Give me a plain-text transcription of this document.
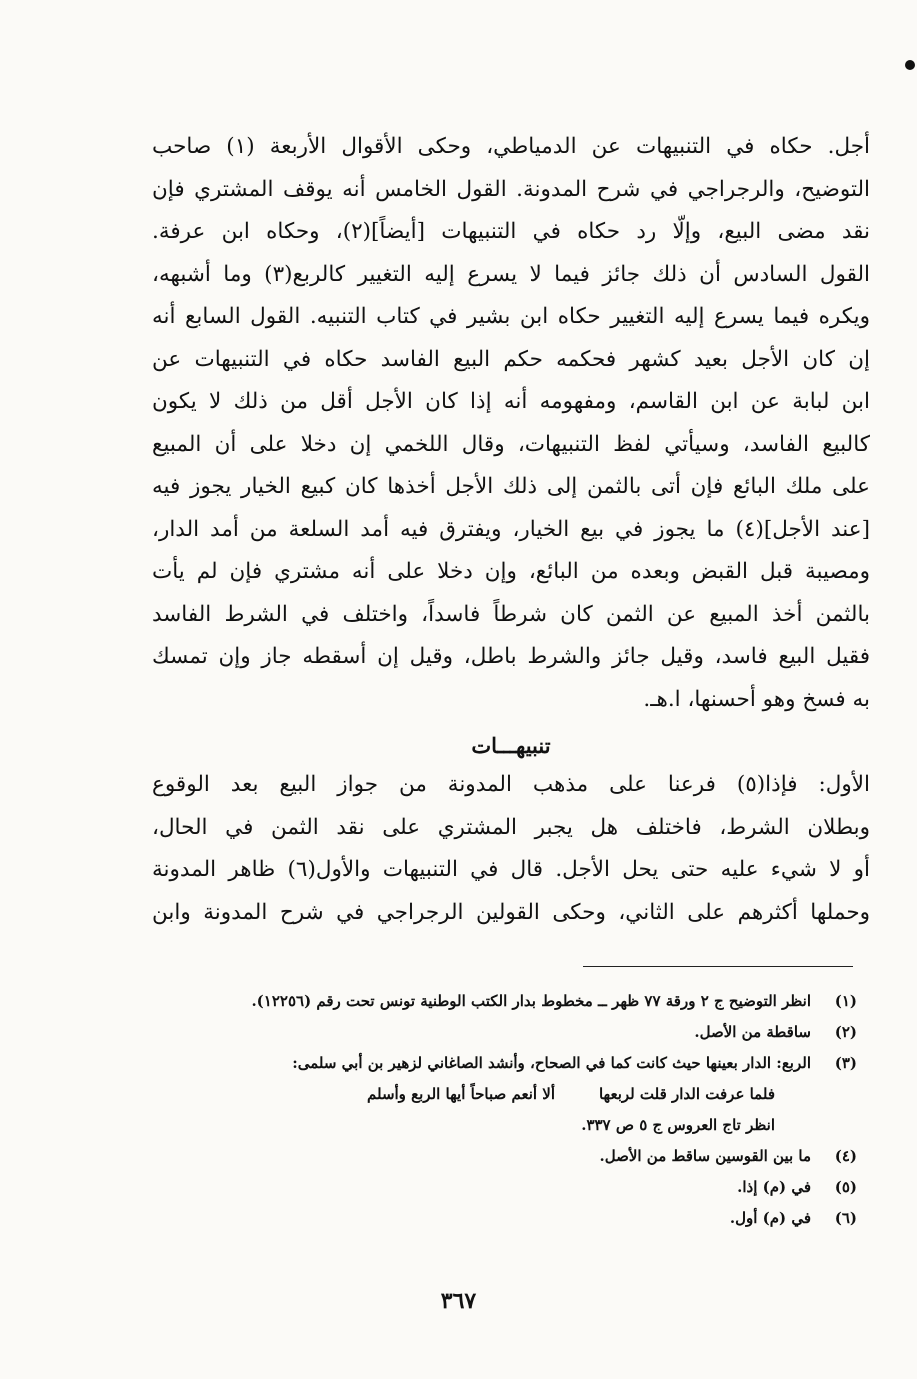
أجل. حكاه في التنبيهات عن الدمياطي، وحكى الأقوال الأربعة (١) صاحب
التوضيح، والرجراجي في شرح المدونة. القول الخامس أنه يوقف المشتري فإن
نقد مضى البيع، وإلّا رد حكاه في التنبيهات [أيضاً](٢)، وحكاه ابن عرفة.
القول السادس أن ذلك جائز فيما لا يسرع إليه التغيير كالربع(٣) وما أشبهه،
ويكره فيما يسرع إليه التغيير حكاه ابن بشير في كتاب التنبيه. القول السابع أنه
إن كان الأجل بعيد كشهر فحكمه حكم البيع الفاسد حكاه في التنبيهات عن
ابن لبابة عن ابن القاسم، ومفهومه أنه إذا كان الأجل أقل من ذلك لا يكون
كالبيع الفاسد، وسيأتي لفظ التنبيهات، وقال اللخمي إن دخلا على أن المبيع
على ملك البائع فإن أتى بالثمن إلى ذلك الأجل أخذها كان كبيع الخيار يجوز فيه
[عند الأجل](٤) ما يجوز في بيع الخيار، ويفترق فيه أمد السلعة من أمد الدار،
ومصيبة قبل القبض وبعده من البائع، وإن دخلا على أنه مشتري فإن لم يأت
بالثمن أخذ المبيع عن الثمن كان شرطاً فاسداً، واختلف في الشرط الفاسد
فقيل البيع فاسد، وقيل جائز والشرط باطل، وقيل إن أسقطه جاز وإن تمسك
به فسخ وهو أحسنها، ا.هـ.
تنبيهـــات
الأول: فإذا(٥) فرعنا على مذهب المدونة من جواز البيع بعد الوقوع
وبطلان الشرط، فاختلف هل يجبر المشتري على نقد الثمن في الحال،
أو لا شيء عليه حتى يحل الأجل. قال في التنبيهات والأول(٦) ظاهر المدونة
وحملها أكثرهم على الثاني، وحكى القولين الرجراجي في شرح المدونة وابن
(١)
انظر التوضيح ج ٢ ورقة ٧٧ ظهر ــ مخطوط بدار الكتب الوطنية تونس تحت رقم (١٢٢٥٦).
(٢)
ساقطة من الأصل.
(٣)
الربع: الدار بعينها حيث كانت كما في الصحاح، وأنشد الصاغاني لزهير بن أبي سلمى:
فلما عرفت الدار قلت لربعها
ألا أنعم صباحاً أيها الربع وأسلم
انظر تاج العروس ج ٥ ص ٣٣٧.
(٤)
ما بين القوسين ساقط من الأصل.
(٥)
في (م) إذا.
(٦)
في (م) أول.
٣٦٧
